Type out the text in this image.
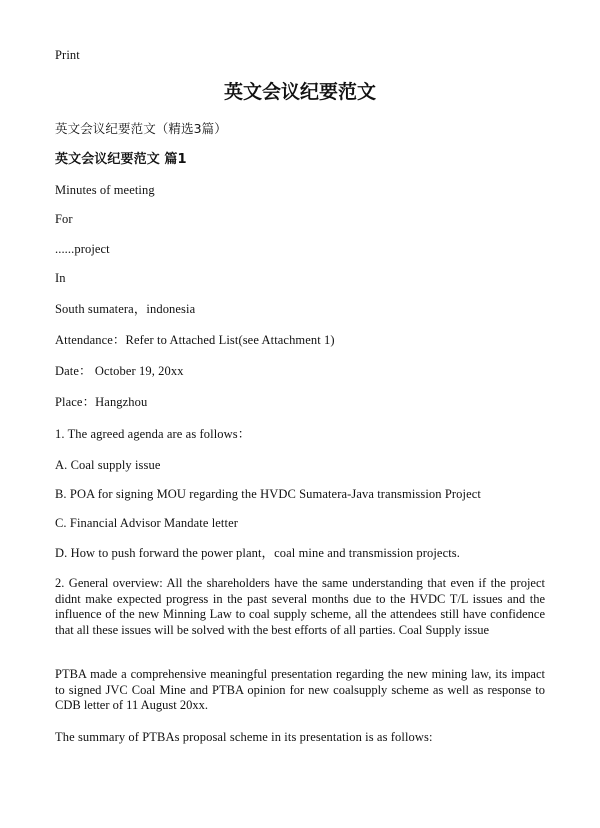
Print
英文会议纪要范文
英文会议纪要范文（精选3篇）
英文会议纪要范文 篇1
Minutes of meeting
For
......project
In
South sumatera，indonesia
Attendance：Refer to Attached List(see Attachment 1)
Date： October 19, 20xx
Place：Hangzhou
1. The agreed agenda are as follows：
A. Coal supply issue
B. POA for signing MOU regarding the HVDC Sumatera-Java transmission Project
C. Financial Advisor Mandate letter
D. How to push forward the power plant，coal mine and transmission projects.
2. General overview: All the shareholders have the same understanding that even if the project didnt make expected progress in the past several months due to the HVDC T/L issues and the influence of the new Minning Law to coal supply scheme, all the attendees still have confidence that all these issues will be solved with the best efforts of all parties. Coal Supply issue
PTBA made a comprehensive meaningful presentation regarding the new mining law, its impact to signed JVC Coal Mine and PTBA opinion for new coalsupply scheme as well as response to CDB letter of 11 August 20xx.
The summary of PTBAs proposal scheme in its presentation is as follows:
